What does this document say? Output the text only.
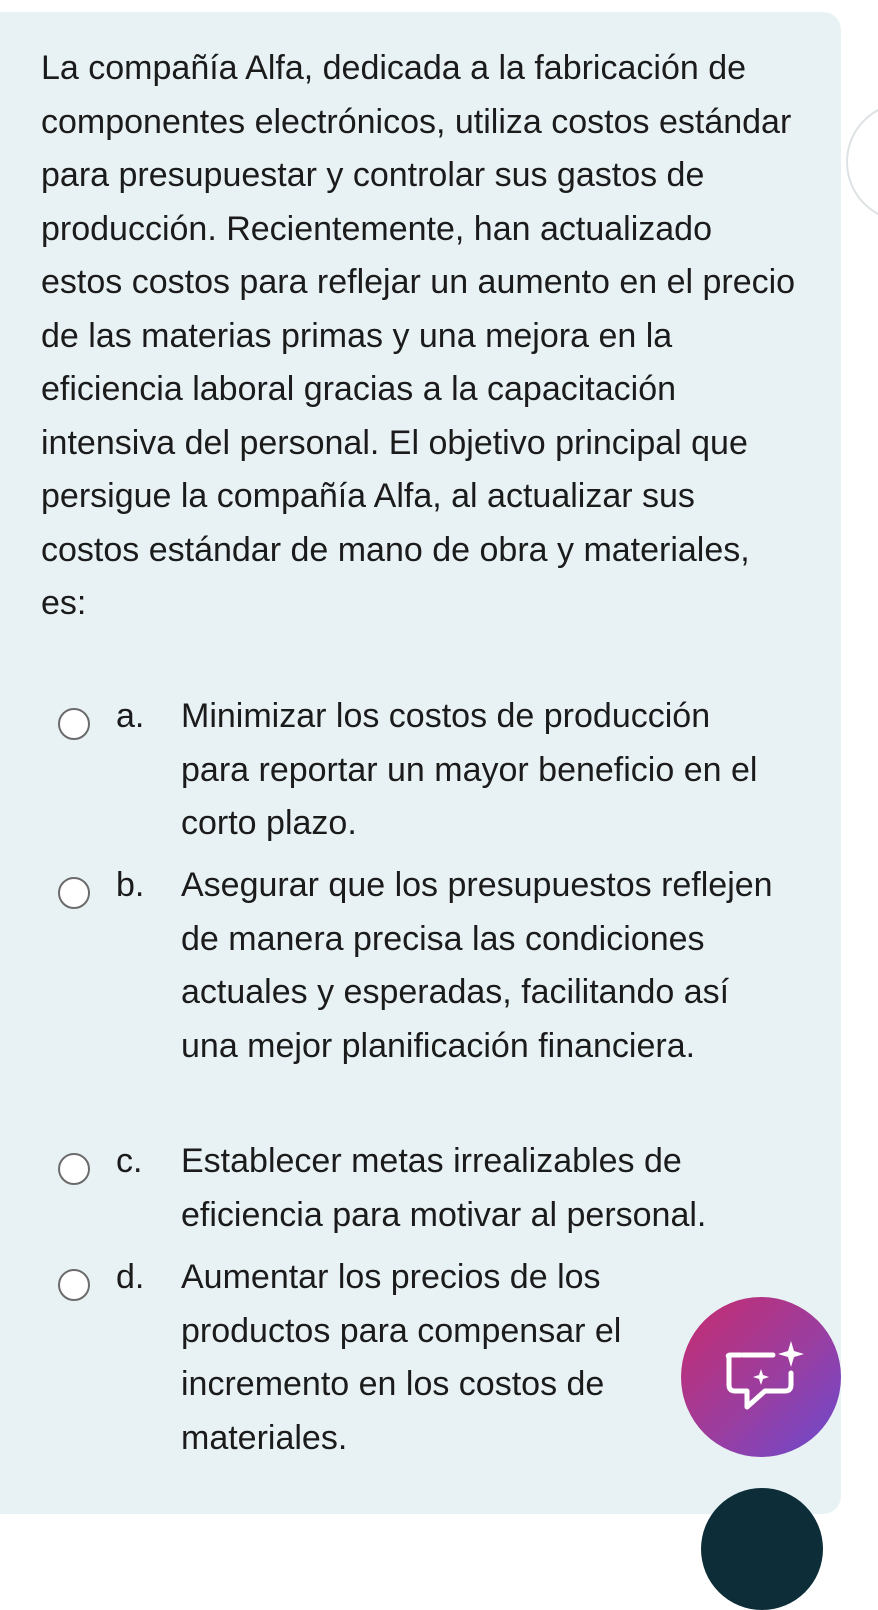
La compañía Alfa, dedicada a la fabricación de componentes electrónicos, utiliza costos estándar para presupuestar y controlar sus gastos de producción. Recientemente, han actualizado estos costos para reflejar un aumento en el precio de las materias primas y una mejora en la eficiencia laboral gracias a la capacitación intensiva del personal. El objetivo principal que persigue la compañía Alfa, al actualizar sus costos estándar de mano de obra y materiales, es:

a. Minimizar los costos de producción para reportar un mayor beneficio en el corto plazo.
b. Asegurar que los presupuestos reflejen de manera precisa las condiciones actuales y esperadas, facilitando así una mejor planificación financiera.
c. Establecer metas irrealizables de eficiencia para motivar al personal.
d. Aumentar los precios de los productos para compensar el incremento en los costos de materiales.
